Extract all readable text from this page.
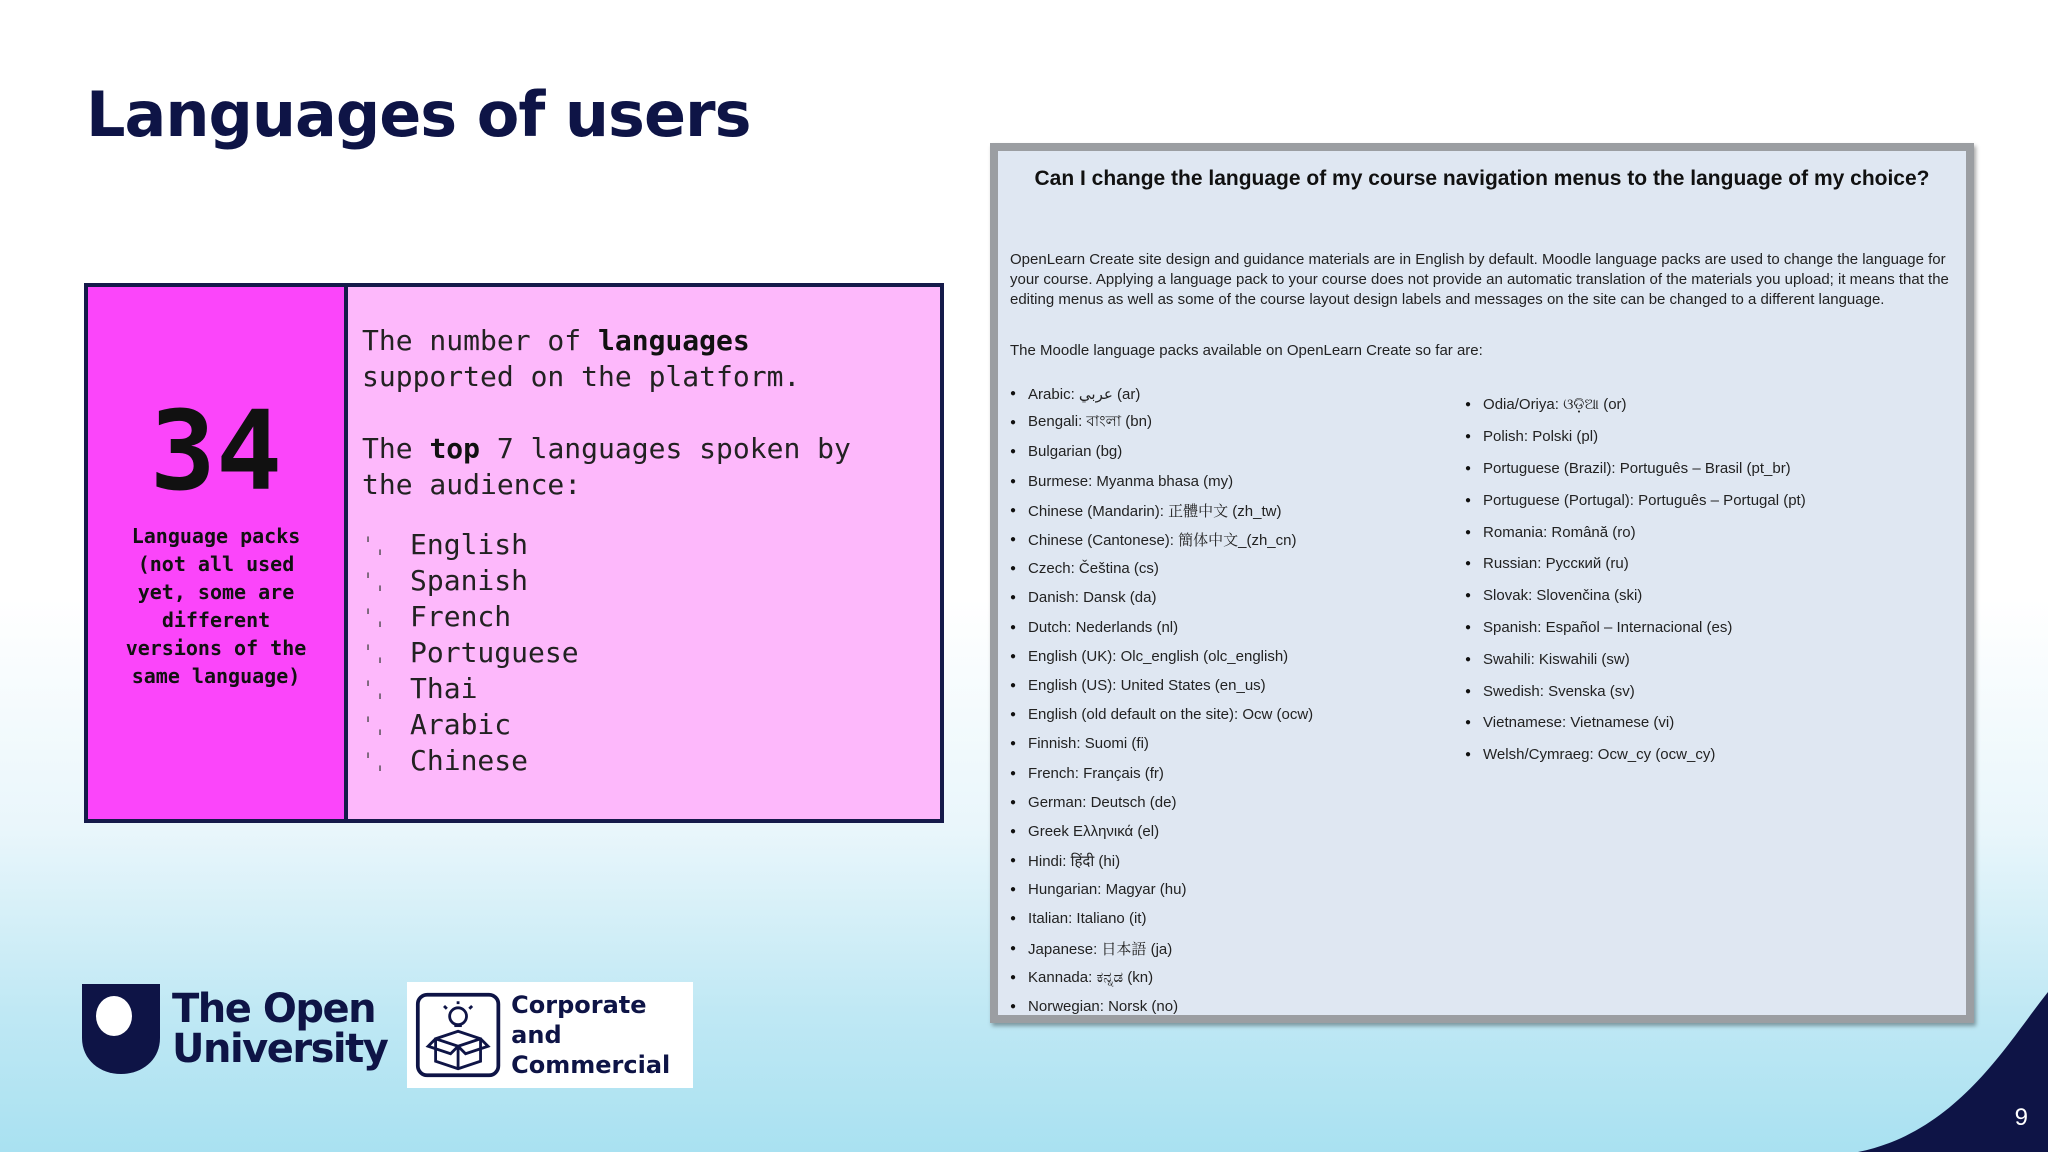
Languages of users
34
Language packs
(not all used
yet, some are
different
versions of the
same language)

The number of languages
supported on the platform.

The top 7 languages spoken by
the audience:

ˈˌ English
ˈˌ Spanish
ˈˌ French
ˈˌ Portuguese
ˈˌ Thai
ˈˌ Arabic
ˈˌ Chinese
Can I change the language of my course navigation menus to the language of my choice?

OpenLearn Create site design and guidance materials are in English by default. Moodle language packs are used to change the language for your course. Applying a language pack to your course does not provide an automatic translation of the materials you upload; it means that the editing menus as well as some of the course layout design labels and messages on the site can be changed to a different language.

The Moodle language packs available on OpenLearn Create so far are:

● Arabic: عربي (ar)
● Bengali: বাংলা (bn)
● Bulgarian (bg)
● Burmese: Myanma bhasa (my)
● Chinese (Mandarin): 正體中文 (zh_tw)
● Chinese (Cantonese): 簡体中文_(zh_cn)
● Czech: Čeština (cs)
● Danish: Dansk (da)
● Dutch: Nederlands (nl)
● English (UK): Olc_english (olc_english)
● English (US): United States (en_us)
● English (old default on the site): Ocw (ocw)
● Finnish: Suomi (fi)
● French: Français (fr)
● German: Deutsch (de)
● Greek Ελληνικά (el)
● Hindi: हिंदी (hi)
● Hungarian: Magyar (hu)
● Italian: Italiano (it)
● Japanese: 日本語 (ja)
● Kannada: ಕನ್ನಡ (kn)
● Norwegian: Norsk (no)
● Odia/Oriya: ଓଡ଼ିଆ (or)
● Polish: Polski (pl)
● Portuguese (Brazil): Português – Brasil (pt_br)
● Portuguese (Portugal): Português – Portugal (pt)
● Romania: Română (ro)
● Russian: Русский (ru)
● Slovak: Slovenčina (ski)
● Spanish: Español – Internacional (es)
● Swahili: Kiswahili (sw)
● Swedish: Svenska (sv)
● Vietnamese: Vietnamese (vi)
● Welsh/Cymraeg: Ocw_cy (ocw_cy)
The Open
University
Corporate and
Commercial
9
